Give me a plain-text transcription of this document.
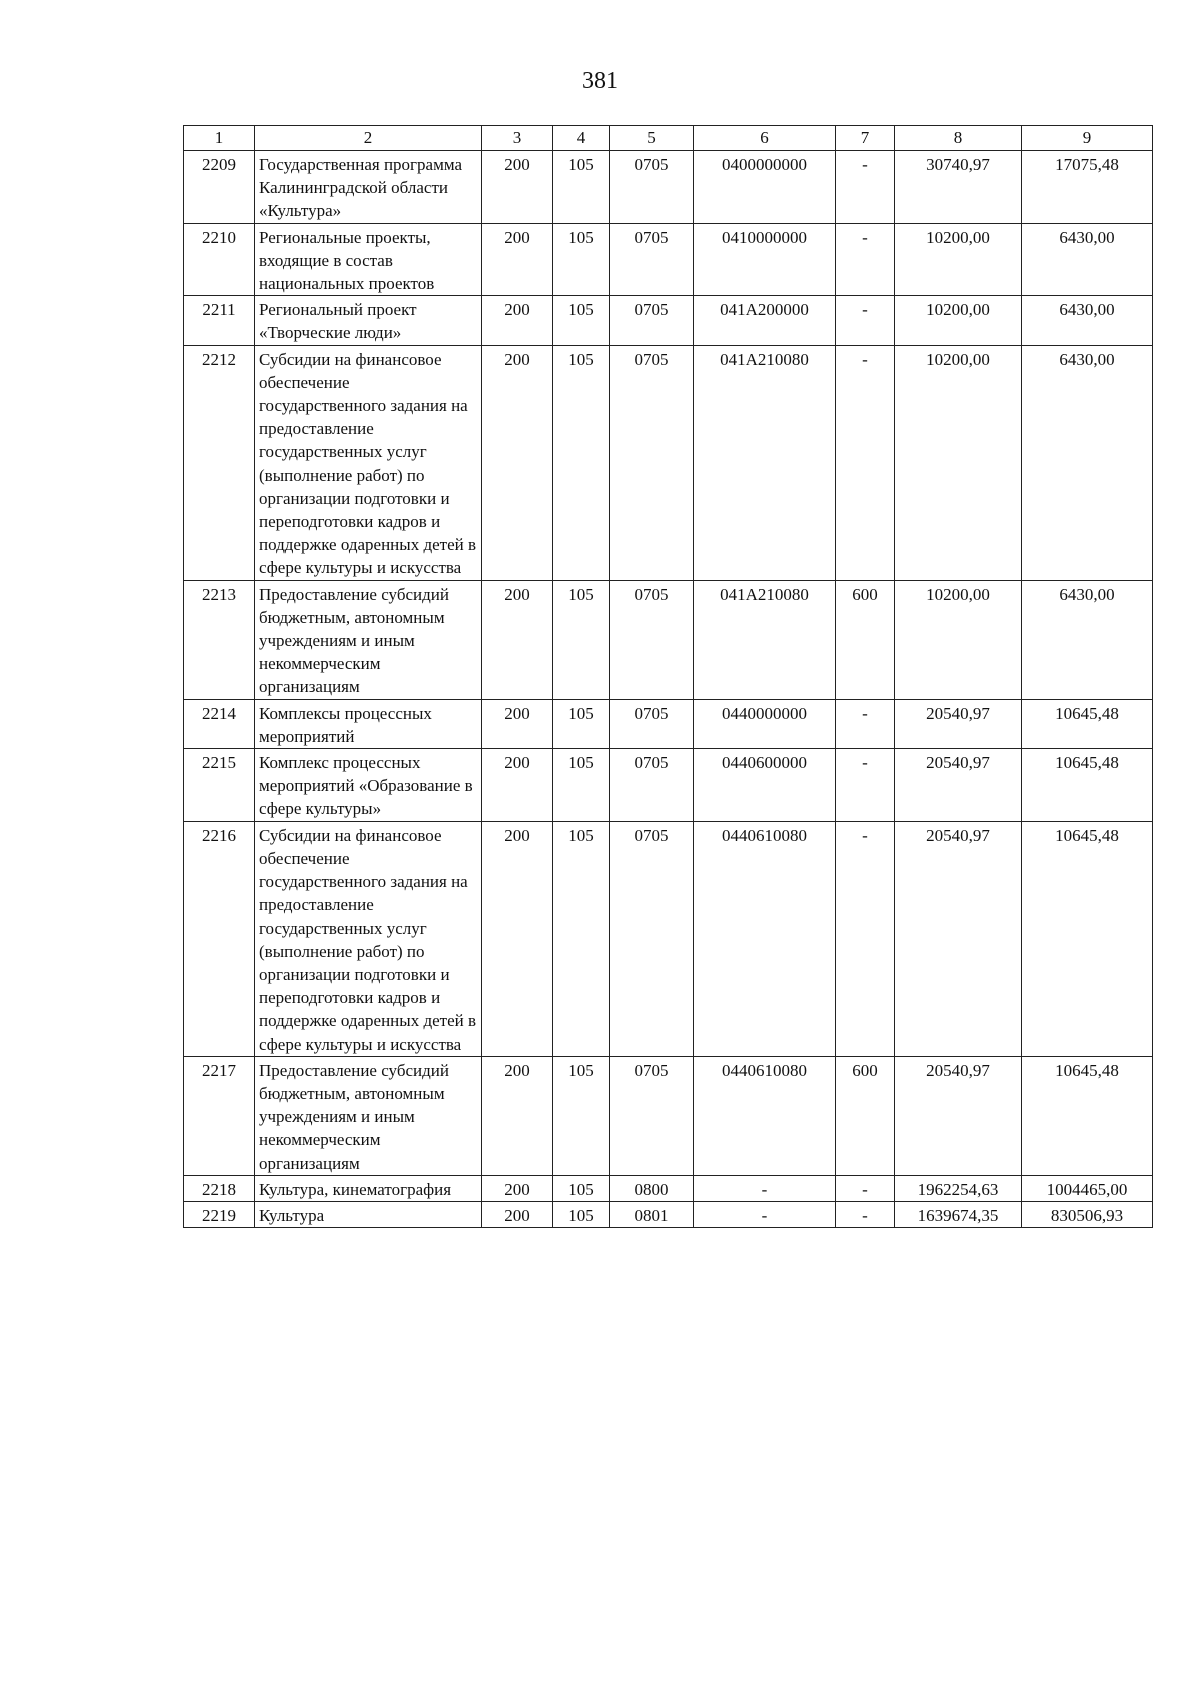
381
1	2	3	4	5	6	7	8	9
2209	Государственная программа Калининградской области «Культура»	200	105	0705	0400000000	-	30740,97	17075,48
2210	Региональные проекты, входящие в состав национальных проектов	200	105	0705	0410000000	-	10200,00	6430,00
2211	Региональный проект «Творческие люди»	200	105	0705	041A200000	-	10200,00	6430,00
2212	Субсидии на финансовое обеспечение государственного задания на предоставление государственных услуг (выполнение работ) по организации подготовки и переподготовки кадров и поддержке одаренных детей в сфере культуры и искусства	200	105	0705	041A210080	-	10200,00	6430,00
2213	Предоставление субсидий бюджетным, автономным учреждениям и иным некоммерческим организациям	200	105	0705	041A210080	600	10200,00	6430,00
2214	Комплексы процессных мероприятий	200	105	0705	0440000000	-	20540,97	10645,48
2215	Комплекс процессных мероприятий «Образование в сфере культуры»	200	105	0705	0440600000	-	20540,97	10645,48
2216	Субсидии на финансовое обеспечение государственного задания на предоставление государственных услуг (выполнение работ) по организации подготовки и переподготовки кадров и поддержке одаренных детей в сфере культуры и искусства	200	105	0705	0440610080	-	20540,97	10645,48
2217	Предоставление субсидий бюджетным, автономным учреждениям и иным некоммерческим организациям	200	105	0705	0440610080	600	20540,97	10645,48
2218	Культура, кинематография	200	105	0800	-	-	1962254,63	1004465,00
2219	Культура	200	105	0801	-	-	1639674,35	830506,93
